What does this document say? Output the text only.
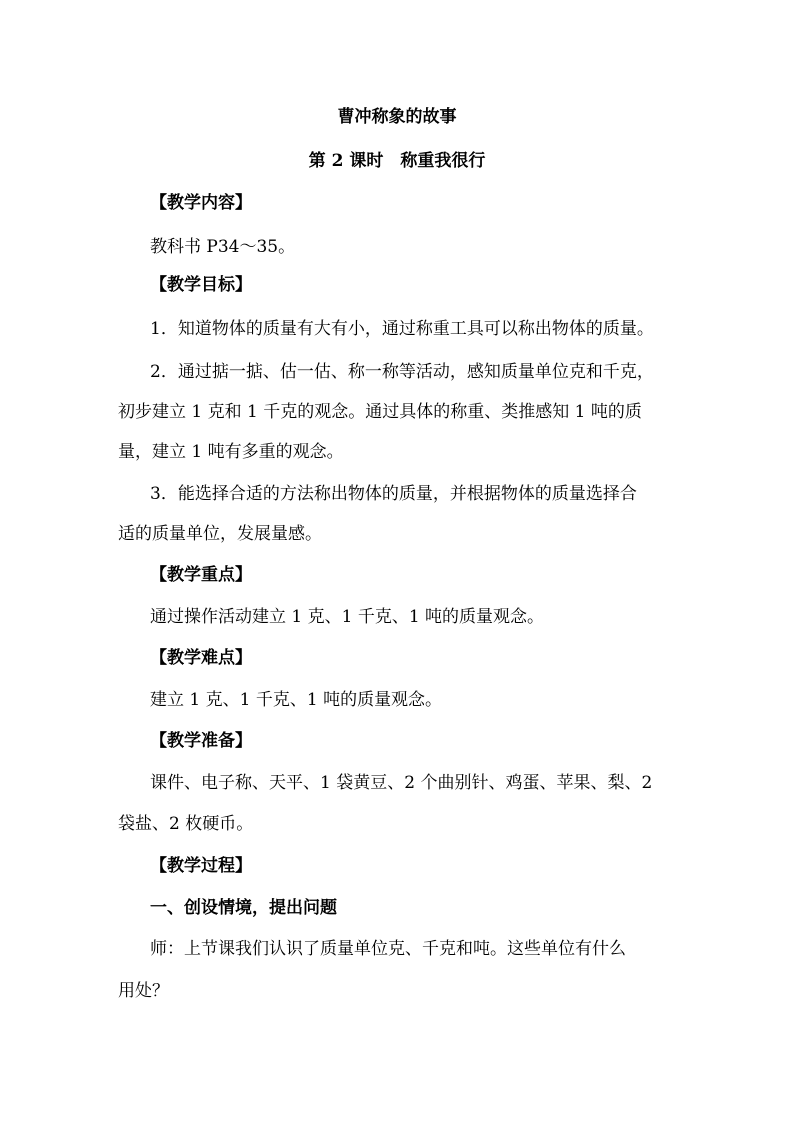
曹冲称象的故事
第 2 课时　称重我很行
【教学内容】
教科书 P34～35。
【教学目标】
1．知道物体的质量有大有小，通过称重工具可以称出物体的质量。
2．通过掂一掂、估一估、称一称等活动，感知质量单位克和千克，
初步建立 1 克和 1 千克的观念。通过具体的称重、类推感知 1 吨的质
量，建立 1 吨有多重的观念。
3．能选择合适的方法称出物体的质量，并根据物体的质量选择合
适的质量单位，发展量感。
【教学重点】
通过操作活动建立 1 克、1 千克、1 吨的质量观念。
【教学难点】
建立 1 克、1 千克、1 吨的质量观念。
【教学准备】
课件、电子称、天平、1 袋黄豆、2 个曲别针、鸡蛋、苹果、梨、2
袋盐、2 枚硬币。
【教学过程】
一、创设情境，提出问题
师：上节课我们认识了质量单位克、千克和吨。这些单位有什么
用处？
